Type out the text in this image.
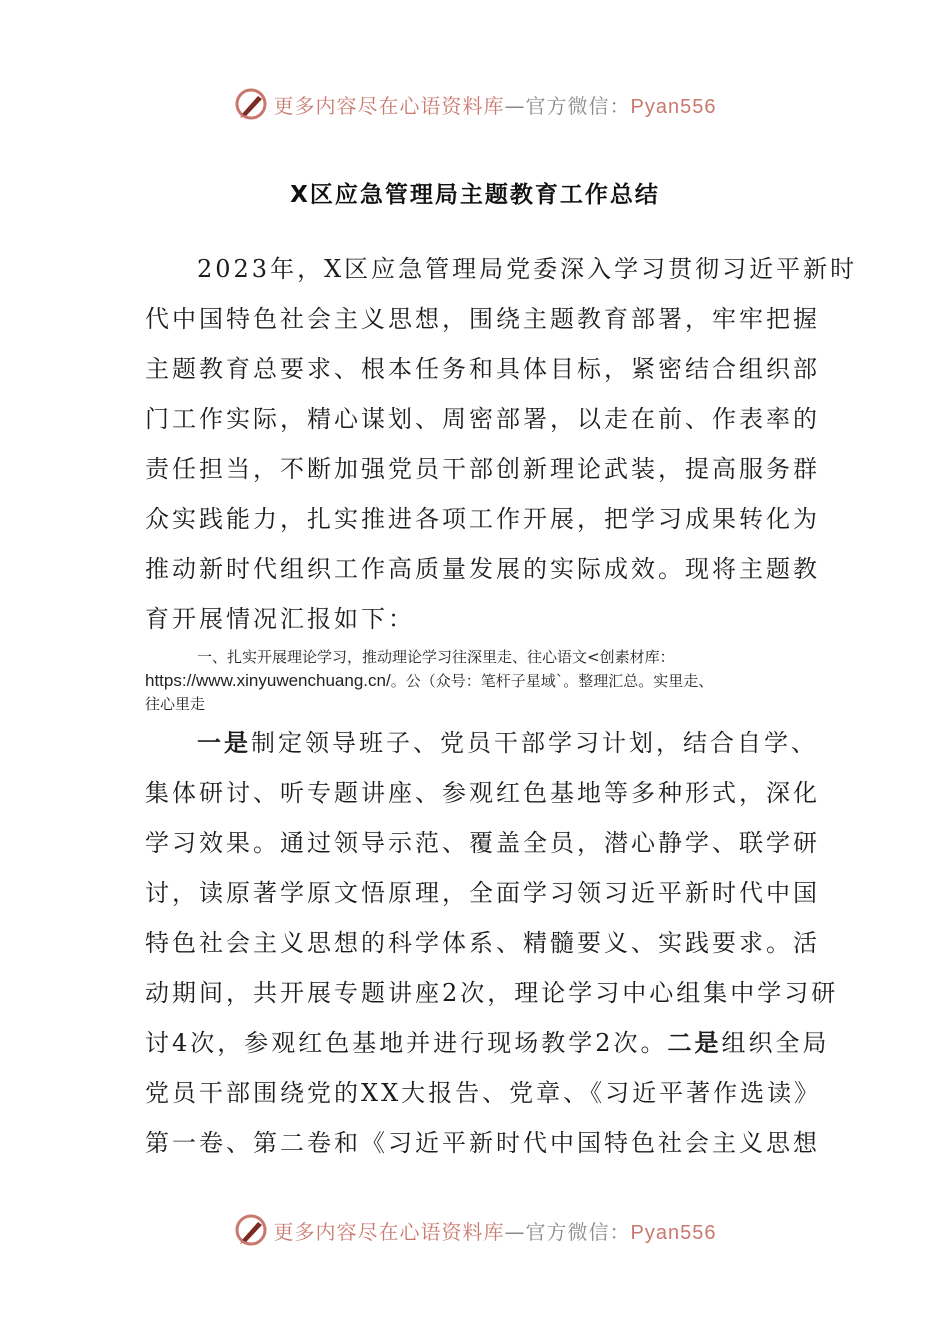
更多内容尽在心语资料库—官方微信：Pyan556
X区应急管理局主题教育工作总结

2023年，X区应急管理局党委深入学习贯彻习近平新时

代中国特色社会主义思想，围绕主题教育部署，牢牢把握

主题教育总要求、根本任务和具体目标，紧密结合组织部

门工作实际，精心谋划、周密部署，以走在前、作表率的

责任担当，不断加强党员干部创新理论武装，提高服务群

众实践能力，扎实推进各项工作开展，把学习成果转化为

推动新时代组织工作高质量发展的实际成效。现将主题教

育开展情况汇报如下：

一、扎实开展理论学习，推动理论学习往深里走、往心语文<创素材库：

https://www.xinyuwenchuang.cn/。公（众号：笔杆子星域`。整理汇总。实里走、

往心里走

一是制定领导班子、党员干部学习计划，结合自学、

集体研讨、听专题讲座、参观红色基地等多种形式，深化

学习效果。通过领导示范、覆盖全员，潜心静学、联学研

讨，读原著学原文悟原理，全面学习领习近平新时代中国

特色社会主义思想的科学体系、精髓要义、实践要求。活

动期间，共开展专题讲座2次，理论学习中心组集中学习研

讨4次，参观红色基地并进行现场教学2次。二是组织全局

党员干部围绕党的XX大报告、党章、《习近平著作选读》

第一卷、第二卷和《习近平新时代中国特色社会主义思想

更多内容尽在心语资料库—官方微信：Pyan556
